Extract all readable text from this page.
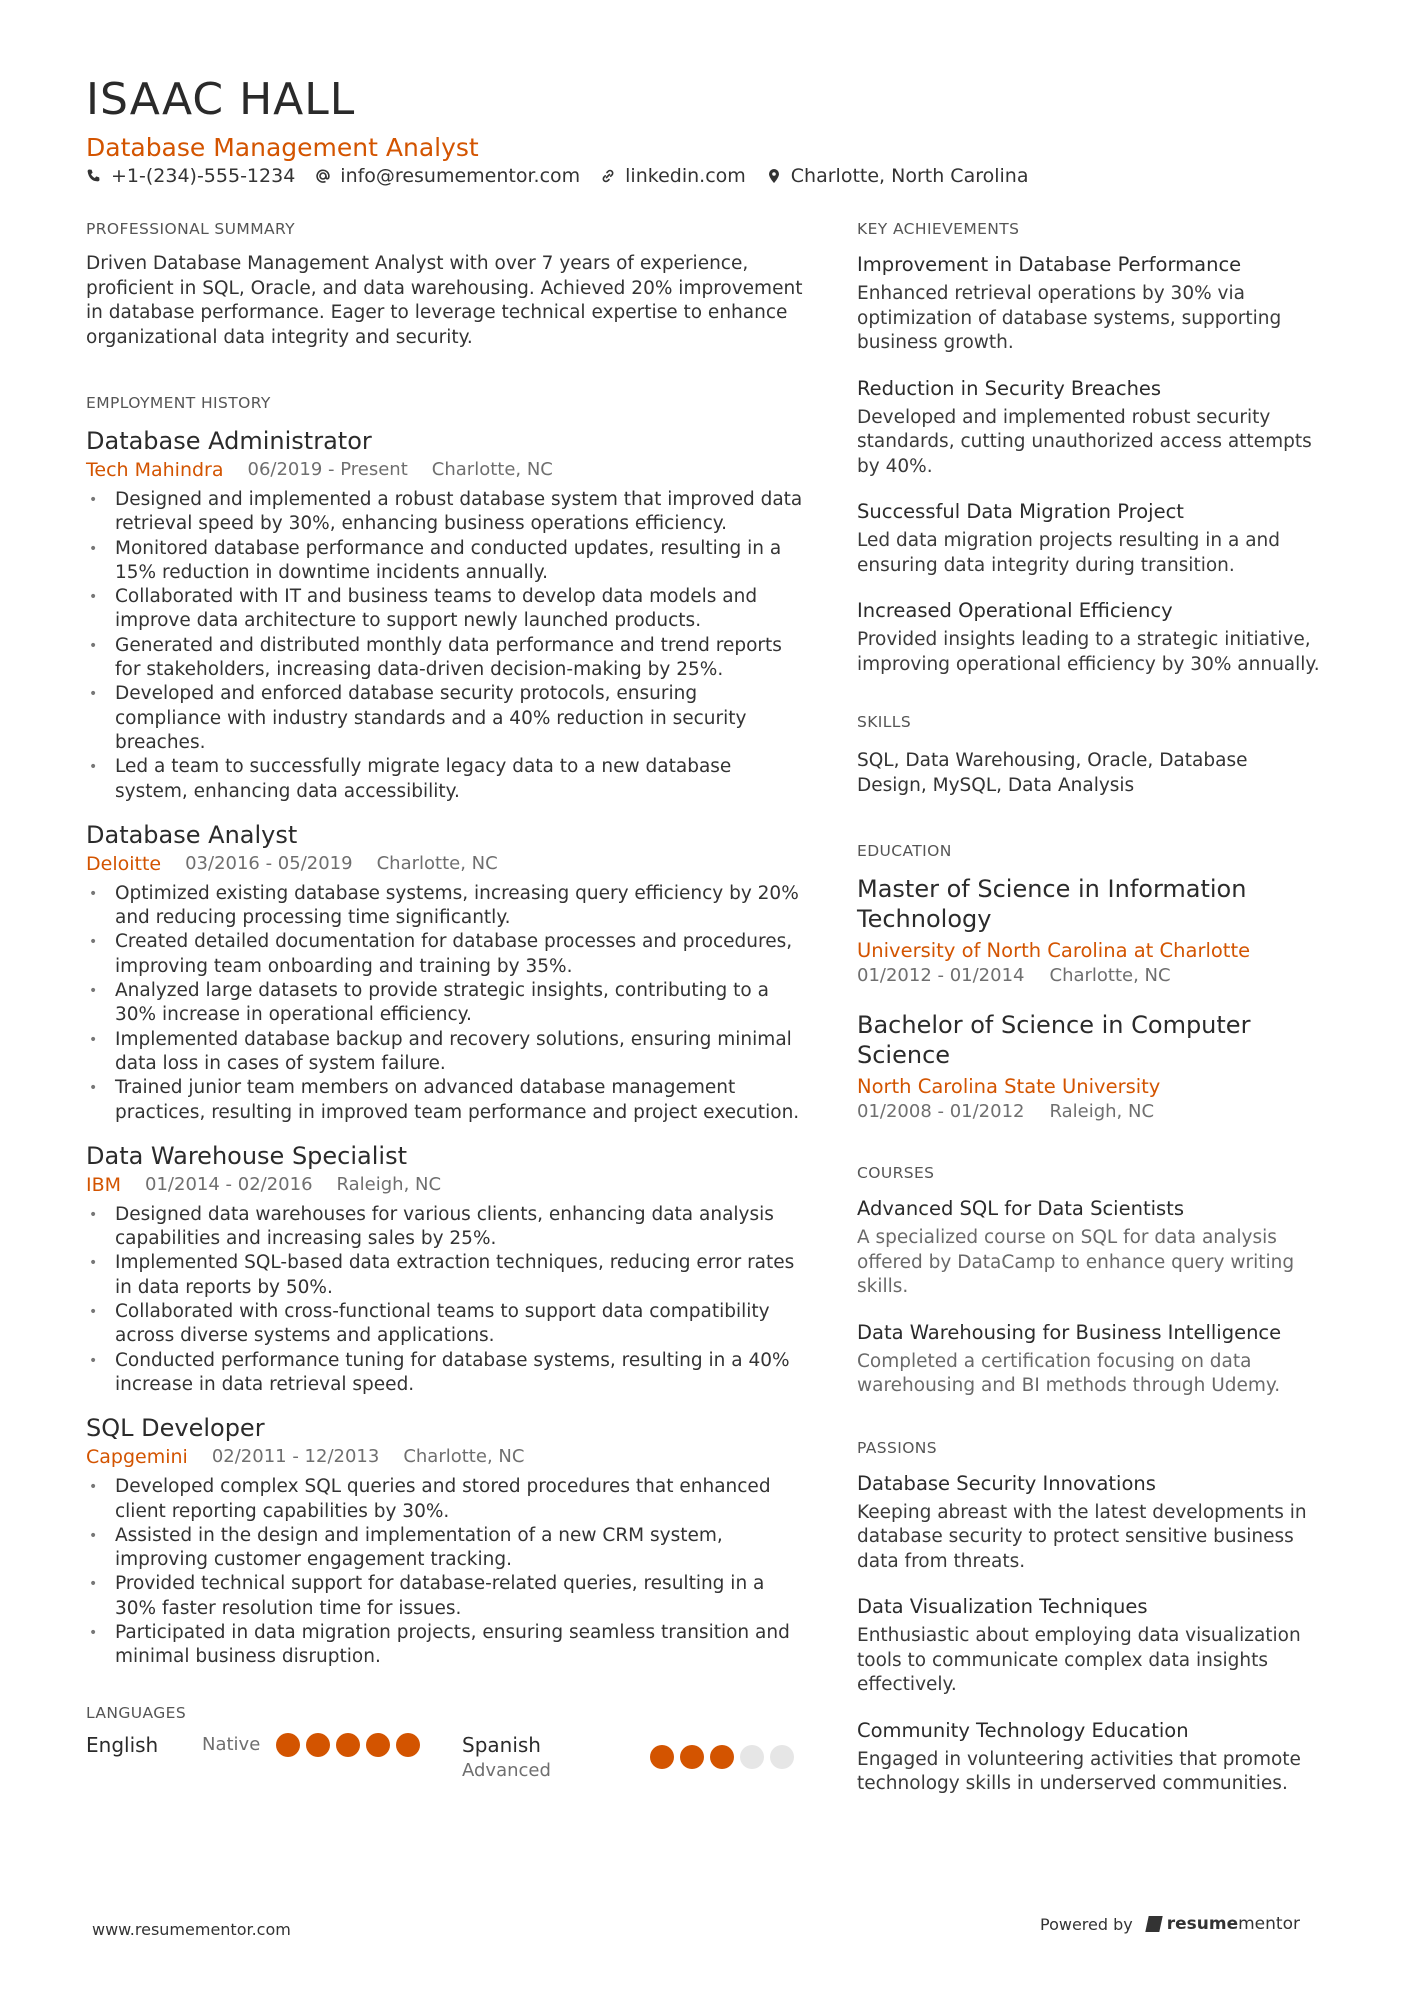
ISAAC HALL
Database Management Analyst
+1-(234)-555-1234 info@resumementor.com linkedin.com Charlotte, North Carolina
PROFESSIONAL SUMMARY

Driven Database Management Analyst with over 7 years of experience,
proficient in SQL, Oracle, and data warehousing. Achieved 20% improvement
in database performance. Eager to leverage technical expertise to enhance
organizational data integrity and security.

EMPLOYMENT HISTORY
Database Administrator
Tech Mahindra 06/2019 - Present Charlotte, NC
• Designed and implemented a robust database system that improved data
retrieval speed by 30%, enhancing business operations efficiency.
• Monitored database performance and conducted updates, resulting in a
15% reduction in downtime incidents annually.
• Collaborated with IT and business teams to develop data models and
improve data architecture to support newly launched products.
• Generated and distributed monthly data performance and trend reports
for stakeholders, increasing data-driven decision-making by 25%.
• Developed and enforced database security protocols, ensuring
compliance with industry standards and a 40% reduction in security
breaches.
• Led a team to successfully migrate legacy data to a new database
system, enhancing data accessibility.
Database Analyst
Deloitte 03/2016 - 05/2019 Charlotte, NC
• Optimized existing database systems, increasing query efficiency by 20%
and reducing processing time significantly.
• Created detailed documentation for database processes and procedures,
improving team onboarding and training by 35%.
• Analyzed large datasets to provide strategic insights, contributing to a
30% increase in operational efficiency.
• Implemented database backup and recovery solutions, ensuring minimal
data loss in cases of system failure.
• Trained junior team members on advanced database management
practices, resulting in improved team performance and project execution.
Data Warehouse Specialist
IBM 01/2014 - 02/2016 Raleigh, NC
• Designed data warehouses for various clients, enhancing data analysis
capabilities and increasing sales by 25%.
• Implemented SQL-based data extraction techniques, reducing error rates
in data reports by 50%.
• Collaborated with cross-functional teams to support data compatibility
across diverse systems and applications.
• Conducted performance tuning for database systems, resulting in a 40%
increase in data retrieval speed.
SQL Developer
Capgemini 02/2011 - 12/2013 Charlotte, NC
• Developed complex SQL queries and stored procedures that enhanced
client reporting capabilities by 30%.
• Assisted in the design and implementation of a new CRM system,
improving customer engagement tracking.
• Provided technical support for database-related queries, resulting in a
30% faster resolution time for issues.
• Participated in data migration projects, ensuring seamless transition and
minimal business disruption.
LANGUAGES
English	Native	Spanish
Advanced
KEY ACHIEVEMENTS
Improvement in Database Performance

Enhanced retrieval operations by 30% via
optimization of database systems, supporting
business growth.

Reduction in Security Breaches

Developed and implemented robust security
standards, cutting unauthorized access attempts
by 40%.

Successful Data Migration Project

Led data migration projects resulting in a and
ensuring data integrity during transition.

Increased Operational Efficiency

Provided insights leading to a strategic initiative,
improving operational efficiency by 30% annually.

SKILLS

SQL, Data Warehousing, Oracle, Database
Design, MySQL, Data Analysis

EDUCATION
Master of Science in Information
Technology
University of North Carolina at Charlotte
01/2012 - 01/2014 Charlotte, NC
Bachelor of Science in Computer
Science
North Carolina State University
01/2008 - 01/2012 Raleigh, NC
COURSES
Advanced SQL for Data Scientists

A specialized course on SQL for data analysis
offered by DataCamp to enhance query writing
skills.

Data Warehousing for Business Intelligence

Completed a certification focusing on data
warehousing and BI methods through Udemy.

PASSIONS
Database Security Innovations

Keeping abreast with the latest developments in
database security to protect sensitive business
data from threats.

Data Visualization Techniques

Enthusiastic about employing data visualization
tools to communicate complex data insights
effectively.

Community Technology Education

Engaged in volunteering activities that promote
technology skills in underserved communities.

www.resumementor.com	Powered by resume mentor
